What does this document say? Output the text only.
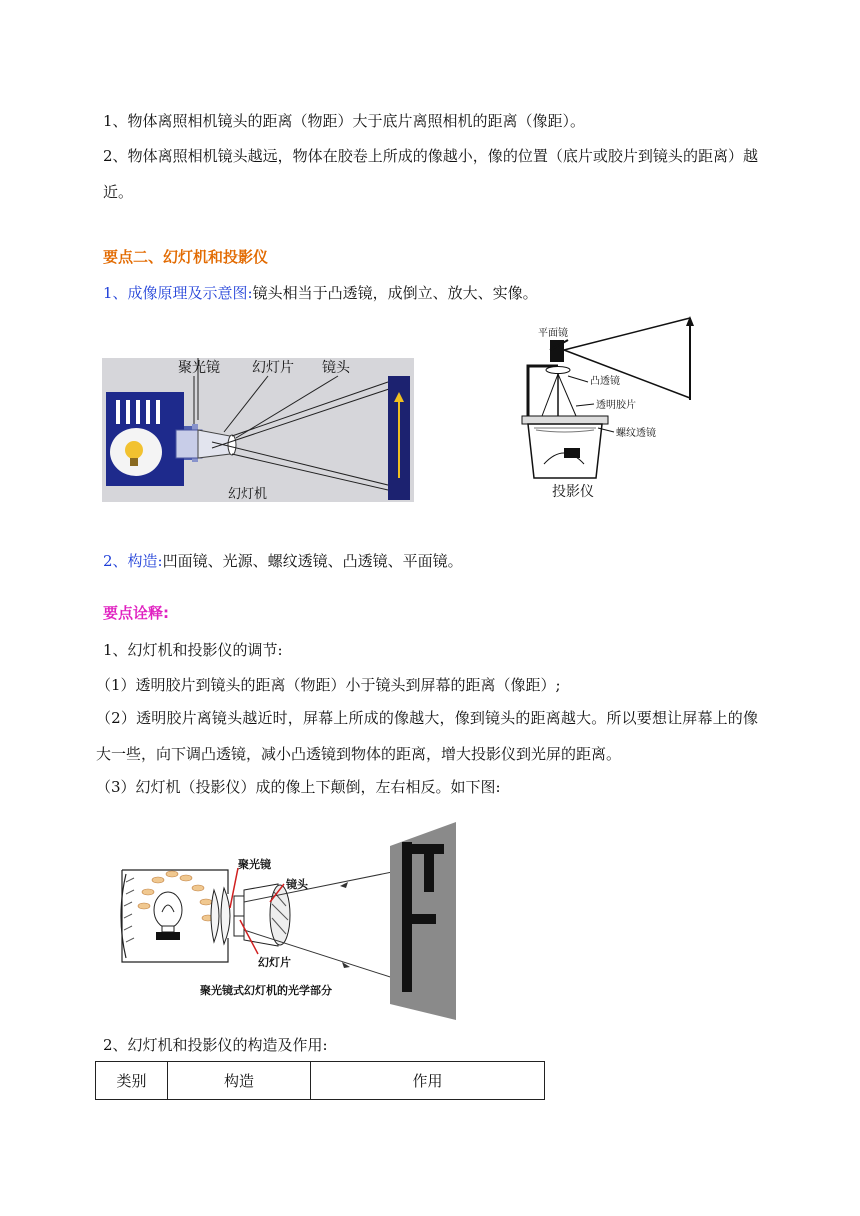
1、物体离照相机镜头的距离（物距）大于底片离照相机的距离（像距）。
2、物体离照相机镜头越远，物体在胶卷上所成的像越小，像的位置（底片或胶片到镜头的距离）越近。
要点二、幻灯机和投影仪
1、成像原理及示意图:镜头相当于凸透镜，成倒立、放大、实像。
聚光镜 幻灯片 镜头
幻灯机
平面镜
凸透镜
透明胶片
螺纹透镜
投影仪
2、构造:凹面镜、光源、螺纹透镜、凸透镜、平面镜。
要点诠释:
1、幻灯机和投影仪的调节:
（1）透明胶片到镜头的距离（物距）小于镜头到屏幕的距离（像距）;
（2）透明胶片离镜头越近时，屏幕上所成的像越大，像到镜头的距离越大。所以要想让屏幕上的像大一些，向下调凸透镜，减小凸透镜到物体的距离，增大投影仪到光屏的距离。
（3）幻灯机（投影仪）成的像上下颠倒，左右相反。如下图:
聚光镜
镜头
幻灯片
聚光镜式幻灯机的光学部分
2、幻灯机和投影仪的构造及作用:
类别	构造	作用
